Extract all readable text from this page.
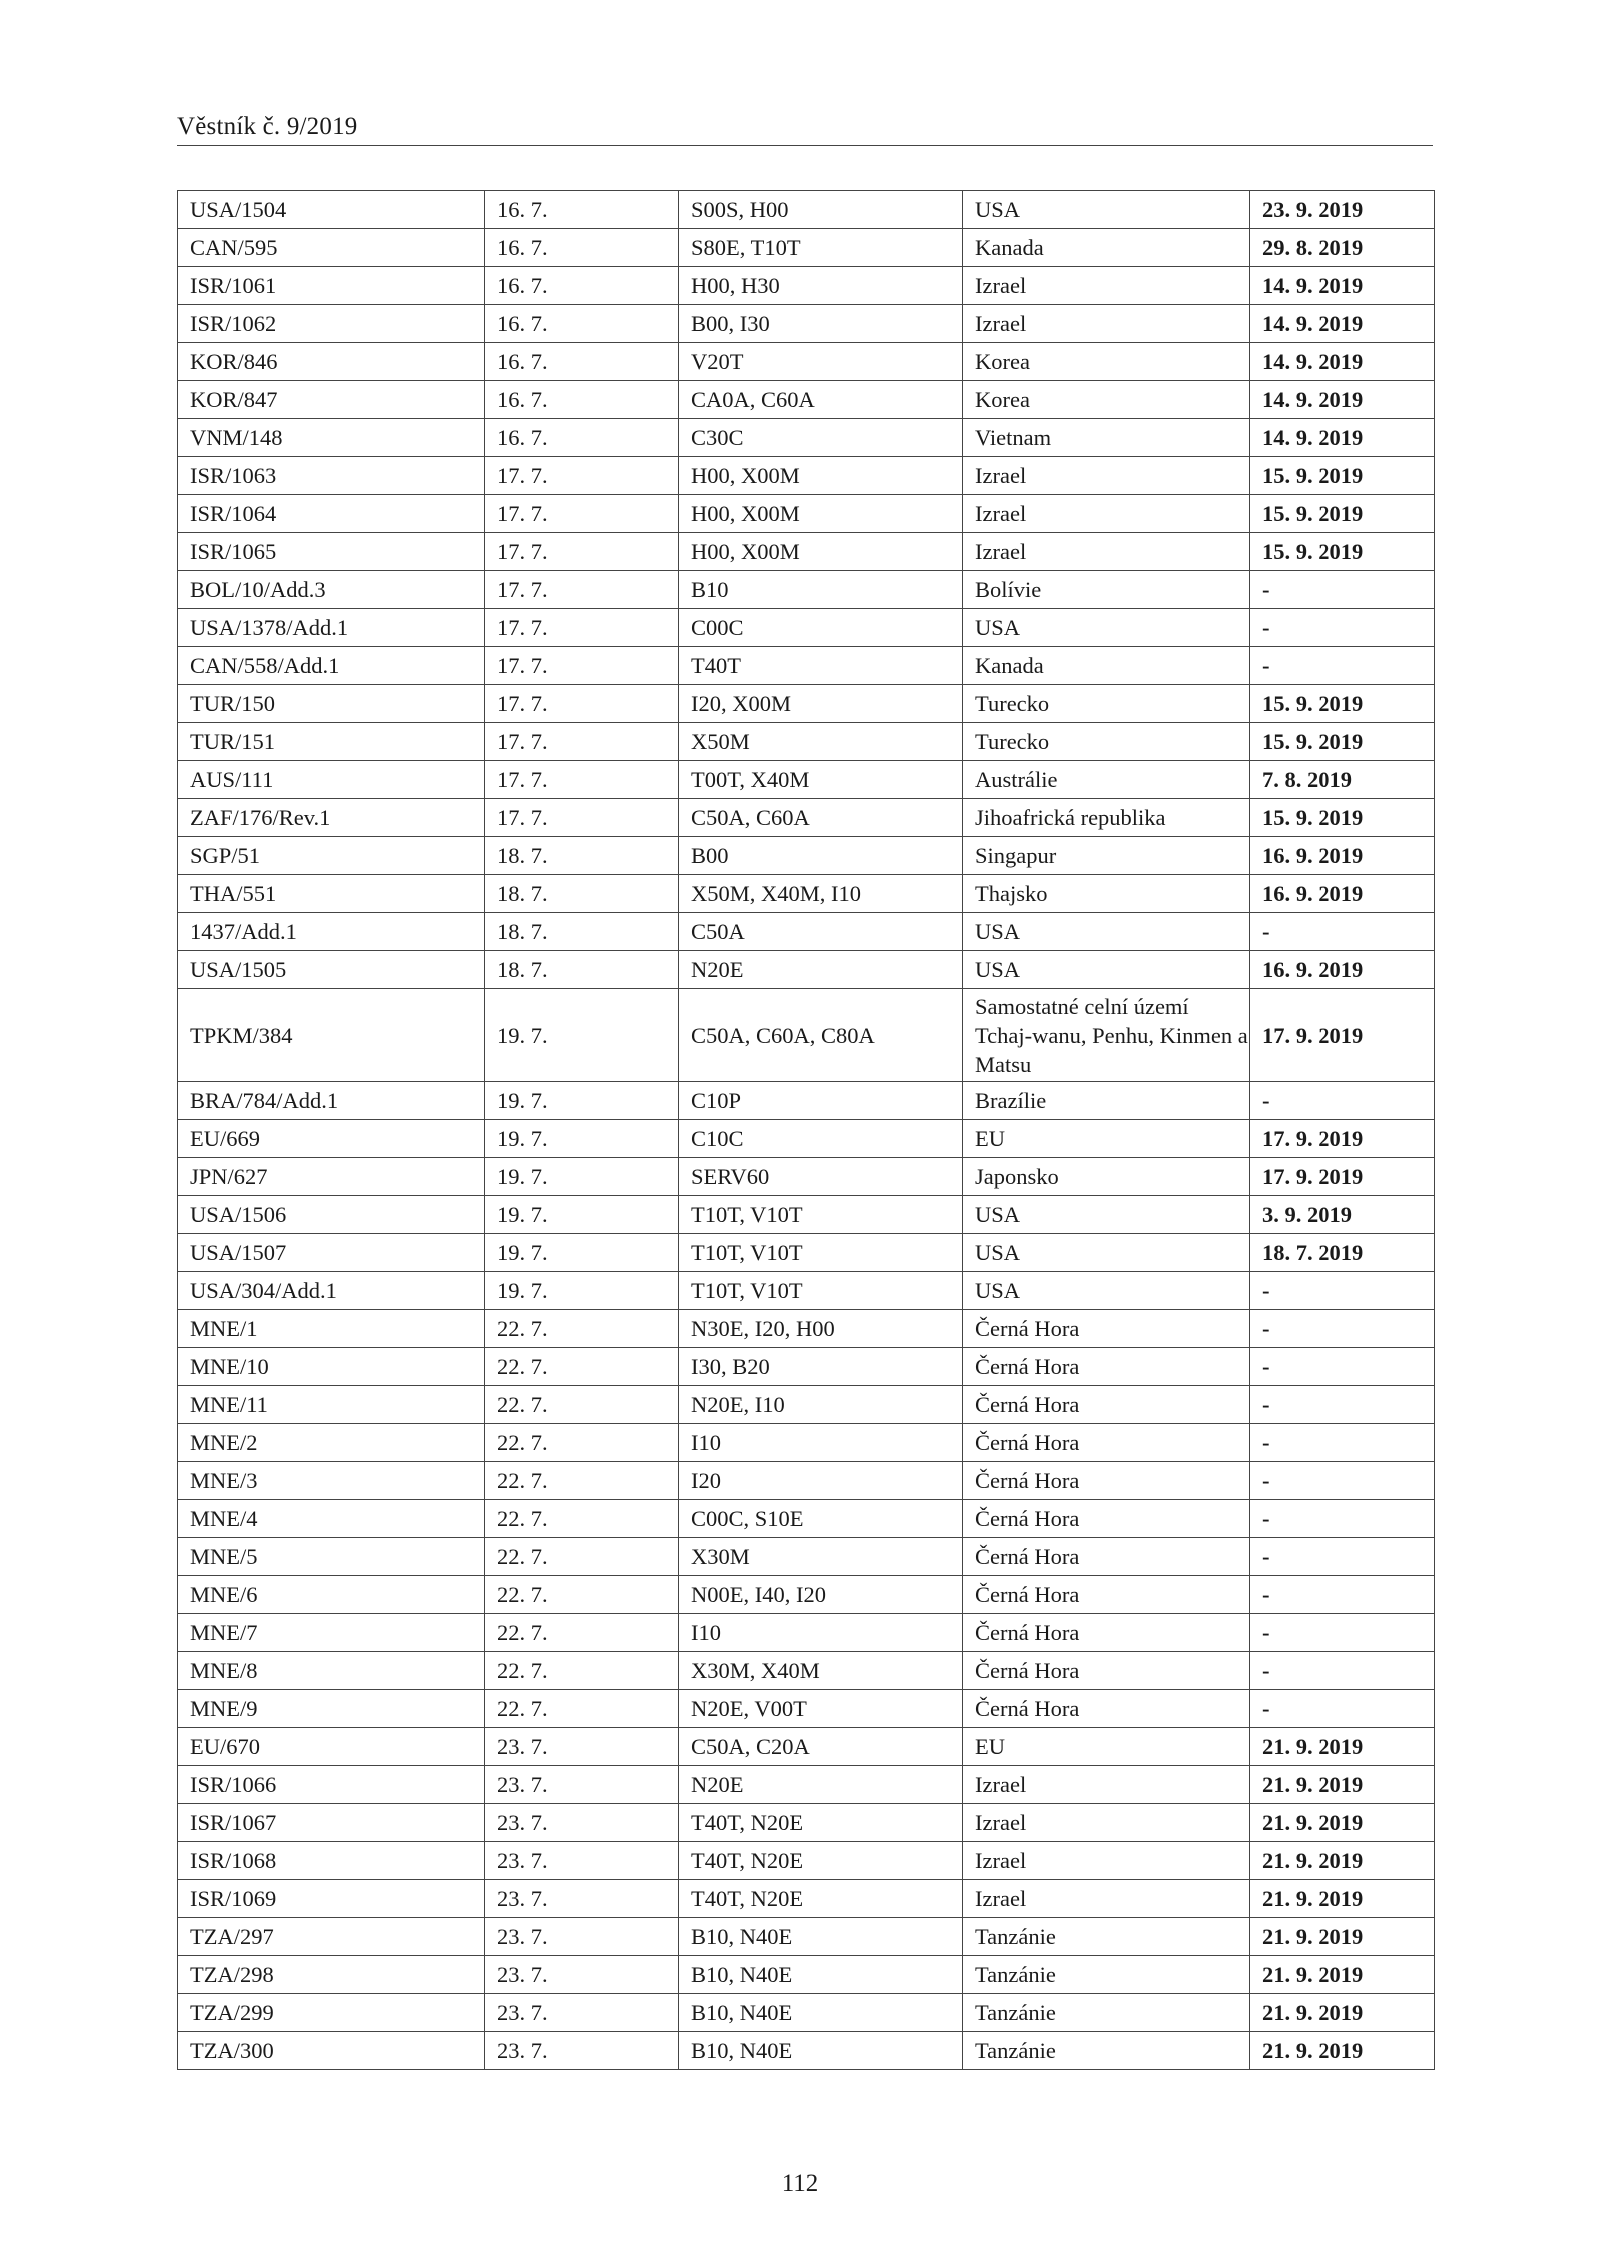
Věstník č. 9/2019
USA/1504	16. 7.	S00S, H00	USA	23. 9. 2019
CAN/595	16. 7.	S80E, T10T	Kanada	29. 8. 2019
ISR/1061	16. 7.	H00, H30	Izrael	14. 9. 2019
ISR/1062	16. 7.	B00, I30	Izrael	14. 9. 2019
KOR/846	16. 7.	V20T	Korea	14. 9. 2019
KOR/847	16. 7.	CA0A, C60A	Korea	14. 9. 2019
VNM/148	16. 7.	C30C	Vietnam	14. 9. 2019
ISR/1063	17. 7.	H00, X00M	Izrael	15. 9. 2019
ISR/1064	17. 7.	H00, X00M	Izrael	15. 9. 2019
ISR/1065	17. 7.	H00, X00M	Izrael	15. 9. 2019
BOL/10/Add.3	17. 7.	B10	Bolívie	-
USA/1378/Add.1	17. 7.	C00C	USA	-
CAN/558/Add.1	17. 7.	T40T	Kanada	-
TUR/150	17. 7.	I20, X00M	Turecko	15. 9. 2019
TUR/151	17. 7.	X50M	Turecko	15. 9. 2019
AUS/111	17. 7.	T00T, X40M	Austrálie	7. 8. 2019
ZAF/176/Rev.1	17. 7.	C50A, C60A	Jihoafrická republika	15. 9. 2019
SGP/51	18. 7.	B00	Singapur	16. 9. 2019
THA/551	18. 7.	X50M, X40M, I10	Thajsko	16. 9. 2019
1437/Add.1	18. 7.	C50A	USA	-
USA/1505	18. 7.	N20E	USA	16. 9. 2019
TPKM/384	19. 7.	C50A, C60A, C80A	Samostatné celní území Tchaj-wanu, Penhu, Kinmen a Matsu	17. 9. 2019
BRA/784/Add.1	19. 7.	C10P	Brazílie	-
EU/669	19. 7.	C10C	EU	17. 9. 2019
JPN/627	19. 7.	SERV60	Japonsko	17. 9. 2019
USA/1506	19. 7.	T10T, V10T	USA	3. 9. 2019
USA/1507	19. 7.	T10T, V10T	USA	18. 7. 2019
USA/304/Add.1	19. 7.	T10T, V10T	USA	-
MNE/1	22. 7.	N30E, I20, H00	Černá Hora	-
MNE/10	22. 7.	I30, B20	Černá Hora	-
MNE/11	22. 7.	N20E, I10	Černá Hora	-
MNE/2	22. 7.	I10	Černá Hora	-
MNE/3	22. 7.	I20	Černá Hora	-
MNE/4	22. 7.	C00C, S10E	Černá Hora	-
MNE/5	22. 7.	X30M	Černá Hora	-
MNE/6	22. 7.	N00E, I40, I20	Černá Hora	-
MNE/7	22. 7.	I10	Černá Hora	-
MNE/8	22. 7.	X30M, X40M	Černá Hora	-
MNE/9	22. 7.	N20E, V00T	Černá Hora	-
EU/670	23. 7.	C50A, C20A	EU	21. 9. 2019
ISR/1066	23. 7.	N20E	Izrael	21. 9. 2019
ISR/1067	23. 7.	T40T, N20E	Izrael	21. 9. 2019
ISR/1068	23. 7.	T40T, N20E	Izrael	21. 9. 2019
ISR/1069	23. 7.	T40T, N20E	Izrael	21. 9. 2019
TZA/297	23. 7.	B10, N40E	Tanzánie	21. 9. 2019
TZA/298	23. 7.	B10, N40E	Tanzánie	21. 9. 2019
TZA/299	23. 7.	B10, N40E	Tanzánie	21. 9. 2019
TZA/300	23. 7.	B10, N40E	Tanzánie	21. 9. 2019
112
